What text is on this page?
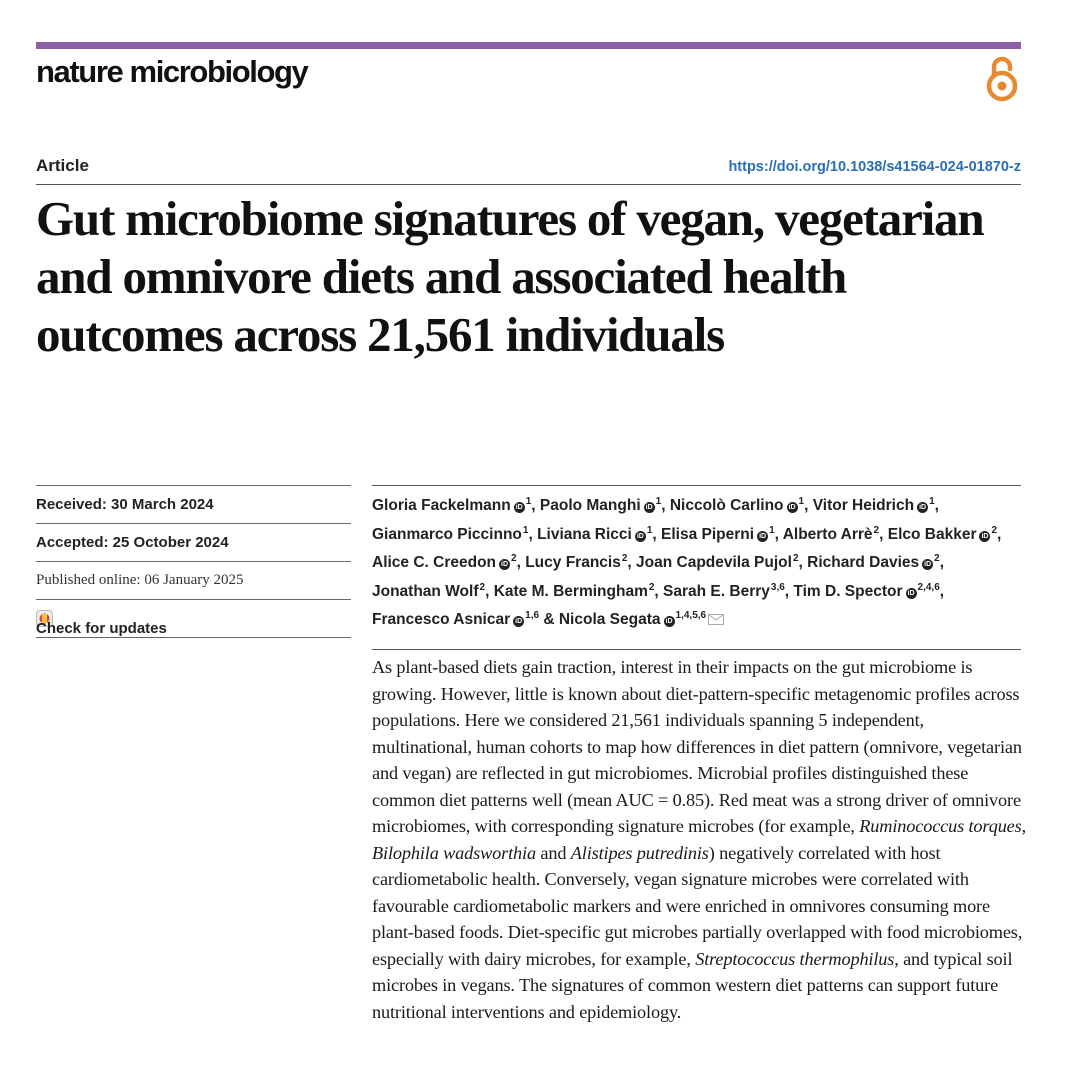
nature microbiology
Article	https://doi.org/10.1038/s41564-024-01870-z
Gut microbiome signatures of vegan, vegetarian and omnivore diets and associated health outcomes across 21,561 individuals
Received: 30 March 2024
Accepted: 25 October 2024
Published online: 06 January 2025
Check for updates
Gloria Fackelmann iD$^1$, Paolo Manghi iD$^1$, Niccolò Carlino iD$^1$, Vitor Heidrich iD$^1$, Gianmarco Piccinno$^1$, Liviana Ricci iD$^1$, Elisa Piperni iD$^1$, Alberto Arrè$^2$, Elco Bakker iD$^2$, Alice C. Creedon iD$^2$, Lucy Francis$^2$, Joan Capdevila Pujol$^2$, Richard Davies iD$^2$, Jonathan Wolf$^2$, Kate M. Bermingham$^2$, Sarah E. Berry$^{3,6}$, Tim D. Spector iD$^{2,4,6}$, Francesco Asnicar iD$^{1,6}$ & Nicola Segata iD$^{1,4,5,6}$

As plant-based diets gain traction, interest in their impacts on the gut microbiome is growing. However, little is known about diet-pattern-specific metagenomic profiles across populations. Here we considered 21,561 individuals spanning 5 independent, multinational, human cohorts to map how differences in diet pattern (omnivore, vegetarian and vegan) are reflected in gut microbiomes. Microbial profiles distinguished these common diet patterns well (mean AUC = 0.85). Red meat was a strong driver of omnivore microbiomes, with corresponding signature microbes (for example, Ruminococcus torques, Bilophila wadsworthia and Alistipes putredinis) negatively correlated with host cardiometabolic health. Conversely, vegan signature microbes were correlated with favourable cardiometabolic markers and were enriched in omnivores consuming more plant-based foods. Diet-specific gut microbes partially overlapped with food microbiomes, especially with dairy microbes, for example, Streptococcus thermophilus, and typical soil microbes in vegans. The signatures of common western diet patterns can support future nutritional interventions and epidemiology.
